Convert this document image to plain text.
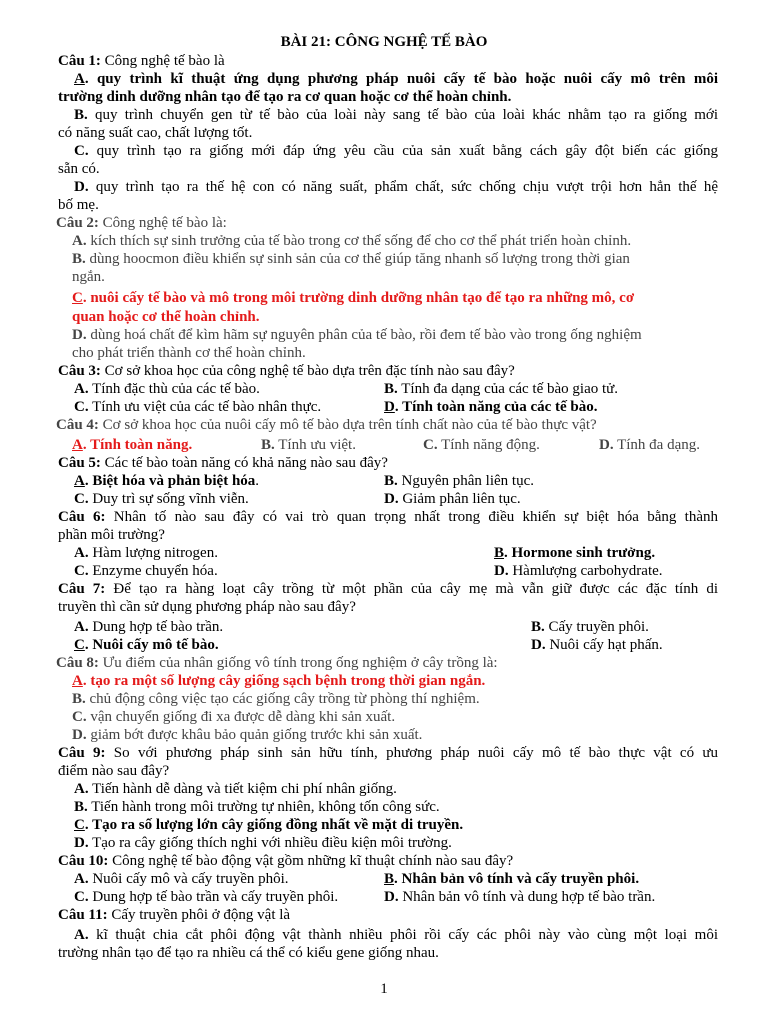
BÀI 21: CÔNG NGHỆ TẾ BÀO
Câu 1: Công nghệ tế bào là
A. quy trình kĩ thuật ứng dụng phương pháp nuôi cấy tế bào hoặc nuôi cấy mô trên môi
trường dinh dưỡng nhân tạo để tạo ra cơ quan hoặc cơ thể hoàn chỉnh.
B. quy trình chuyển gen từ tế bào của loài này sang tế bào của loài khác nhằm tạo ra giống mới
có năng suất cao, chất lượng tốt.
C. quy trình tạo ra giống mới đáp ứng yêu cầu của sản xuất bằng cách gây đột biến các giống
sẵn có.
D. quy trình tạo ra thế hệ con có năng suất, phẩm chất, sức chống chịu vượt trội hơn hẳn thế hệ
bố mẹ.
Câu 2: Công nghệ tế bào là:
A. kích thích sự sinh trưởng của tế bào trong cơ thể sống để cho cơ thể phát triển hoàn chỉnh.
B. dùng hoocmon điều khiển sự sinh sản của cơ thể giúp tăng nhanh số lượng trong thời gian
ngắn.
C. nuôi cấy tế bào và mô trong môi trường dinh dưỡng nhân tạo để tạo ra những mô, cơ
quan hoặc cơ thể hoàn chỉnh.
D. dùng hoá chất để kìm hãm sự nguyên phân của tế bào, rồi đem tế bào vào trong ống nghiệm
cho phát triển thành cơ thể hoàn chỉnh.
Câu 3: Cơ sở khoa học của công nghệ tế bào dựa trên đặc tính nào sau đây?
A. Tính đặc thù của các tế bào.	B. Tính đa dạng của các tế bào giao tử.
C. Tính ưu việt của các tế bào nhân thực.	D. Tính toàn năng của các tế bào.
Câu 4: Cơ sở khoa học của nuôi cấy mô tế bào dựa trên tính chất nào của tế bào thực vật?
A. Tính toàn năng.	B. Tính ưu việt.	C. Tính năng động.	D. Tính đa dạng.
Câu 5: Các tế bào toàn năng có khả năng nào sau đây?
A. Biệt hóa và phản biệt hóa.	B. Nguyên phân liên tục.
C. Duy trì sự sống vĩnh viễn.	D. Giảm phân liên tục.
Câu 6: Nhân tố nào sau đây có vai trò quan trọng nhất trong điều khiển sự biệt hóa bằng thành
phần môi trường?
A. Hàm lượng nitrogen.	B. Hormone sinh trưởng.
C. Enzyme chuyển hóa.	D. Hàmlượng carbohydrate.
Câu 7: Để tạo ra hàng loạt cây trồng từ một phần của cây mẹ mà vẫn giữ được các đặc tính di
truyền thì cần sử dụng phương pháp nào sau đây?
A. Dung hợp tế bào trần.	B. Cấy truyền phôi.
C. Nuôi cấy mô tế bào.	D. Nuôi cấy hạt phấn.
Câu 8: Ưu điểm của nhân giống vô tính trong ống nghiệm ở cây trồng là:
A. tạo ra một số lượng cây giống sạch bệnh trong thời gian ngắn.
B. chủ động công việc tạo các giống cây trồng từ phòng thí nghiệm.
C. vận chuyển giống đi xa được dễ dàng khi sản xuất.
D. giảm bớt được khâu bảo quản giống trước khi sản xuất.
Câu 9: So với phương pháp sinh sản hữu tính, phương pháp nuôi cấy mô tế bào thực vật có ưu
điểm nào sau đây?
A. Tiến hành dễ dàng và tiết kiệm chi phí nhân giống.
B. Tiến hành trong môi trường tự nhiên, không tốn công sức.
C. Tạo ra số lượng lớn cây giống đồng nhất về mặt di truyền.
D. Tạo ra cây giống thích nghi với nhiều điều kiện môi trường.
Câu 10: Công nghệ tế bào động vật gồm những kĩ thuật chính nào sau đây?
A. Nuôi cấy mô và cấy truyền phôi.	B. Nhân bản vô tính và cấy truyền phôi.
C. Dung hợp tế bào trần và cấy truyền phôi.	D. Nhân bản vô tính và dung hợp tế bào trần.
Câu 11: Cấy truyền phôi ở động vật là
A. kĩ thuật chia cắt phôi động vật thành nhiều phôi rồi cấy các phôi này vào cùng một loại môi
trường nhân tạo để tạo ra nhiều cá thể có kiểu gene giống nhau.
1
